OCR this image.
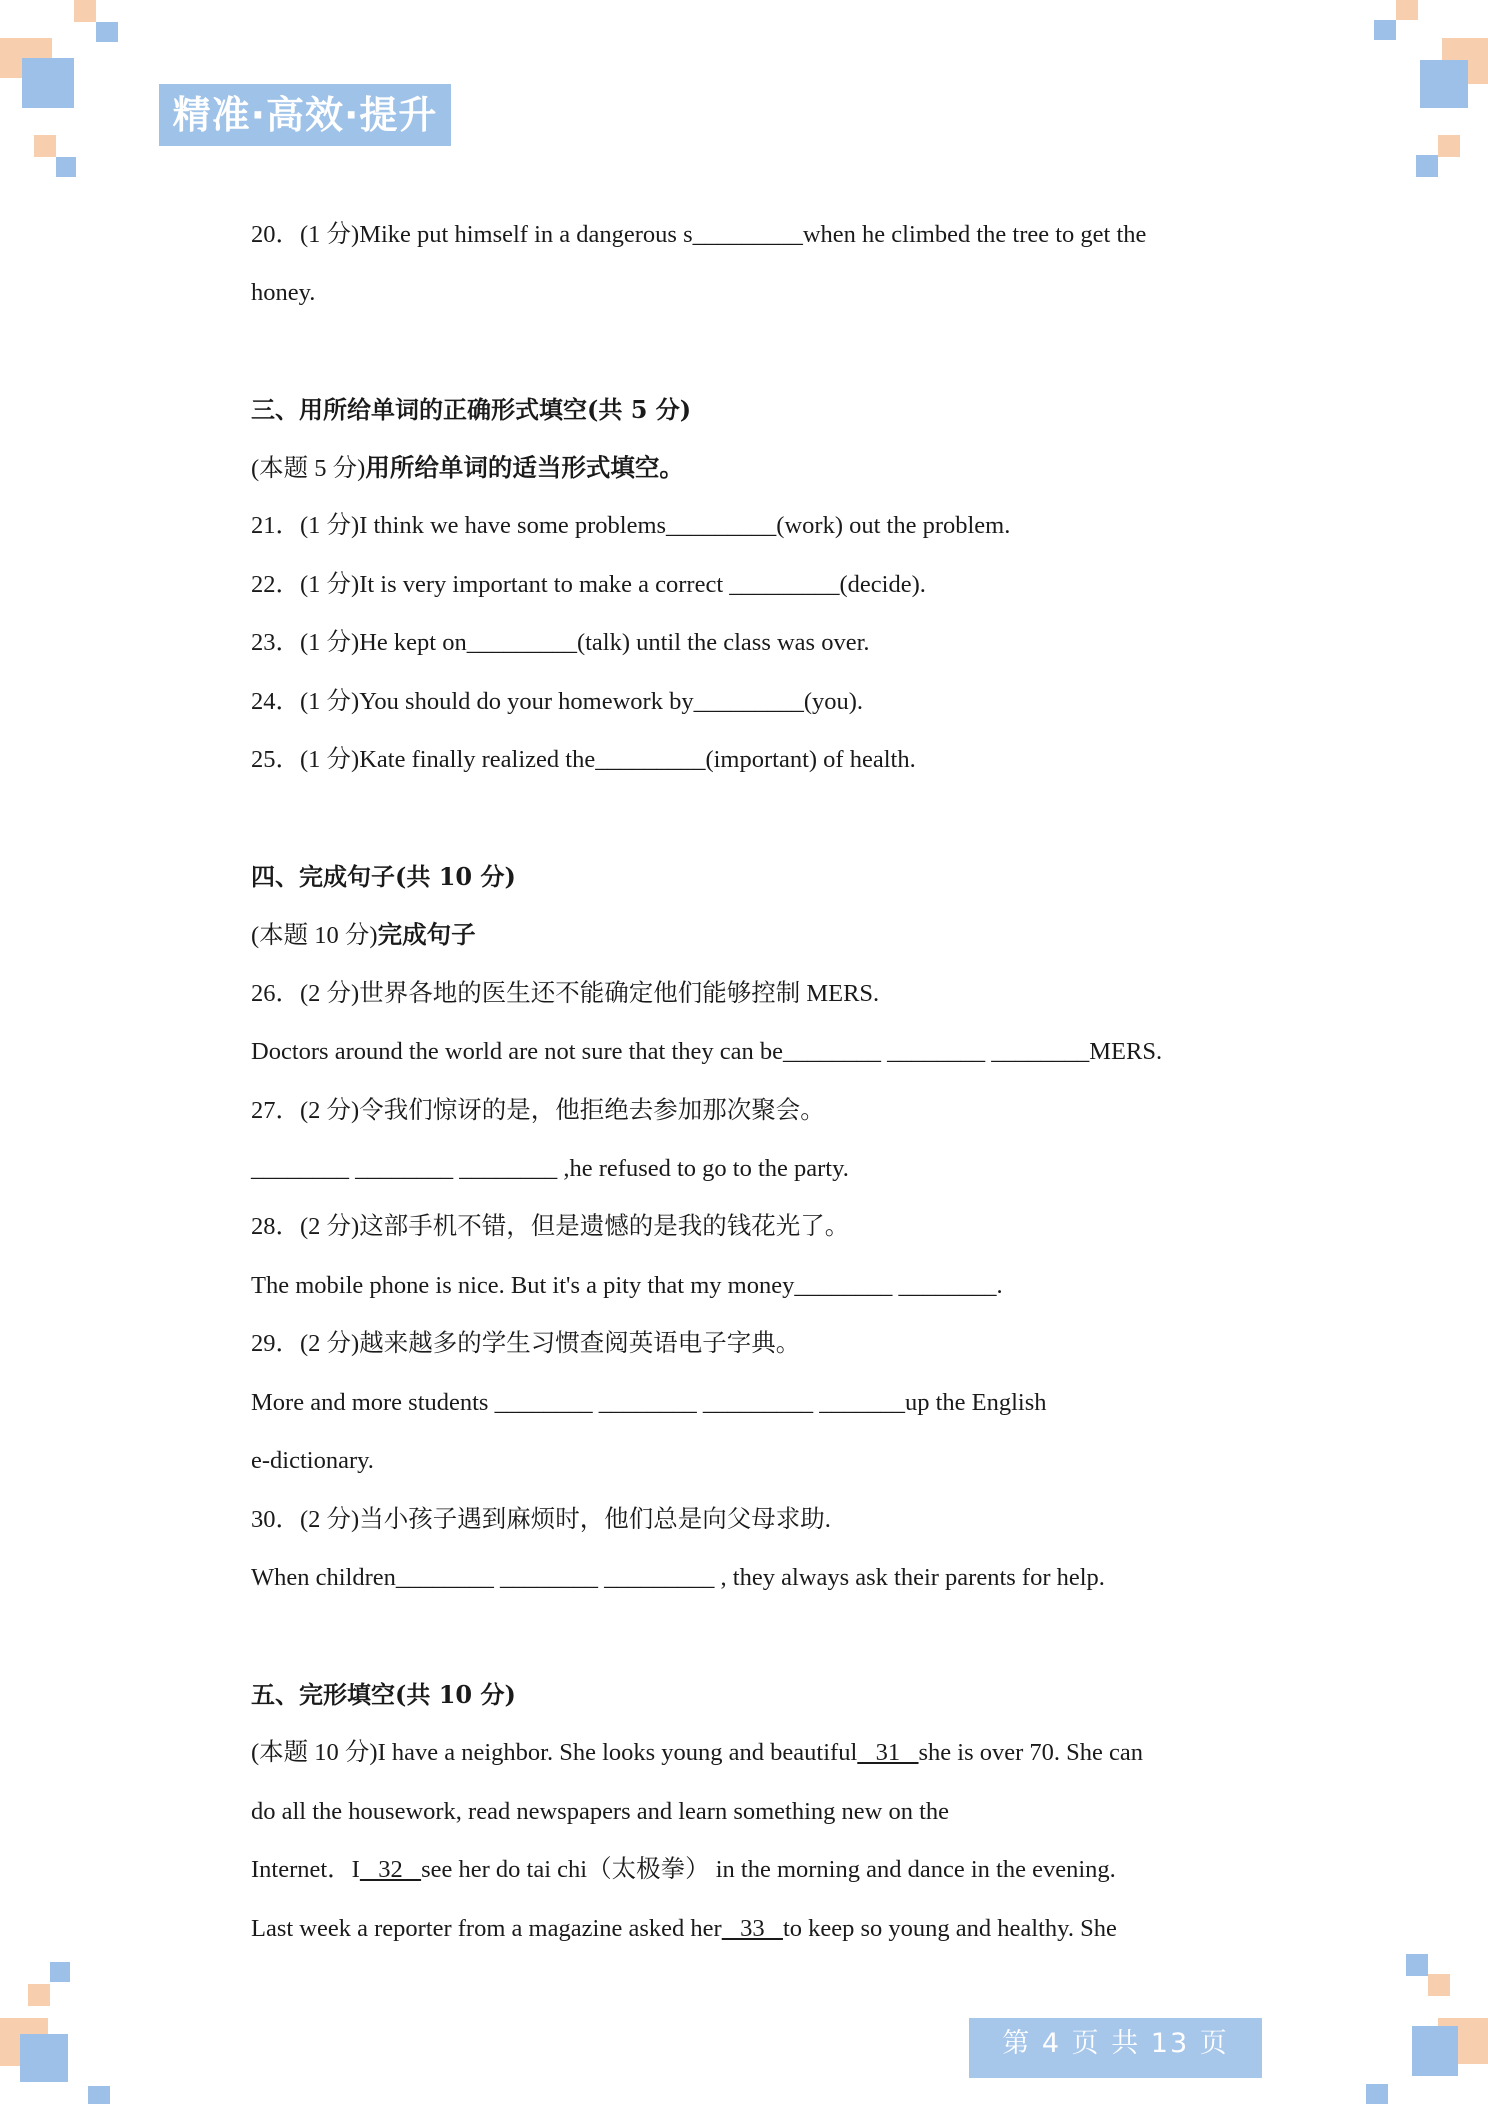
精准·高效·提升
20．(1 分)Mike put himself in a dangerous s_________when he climbed the tree to get the
honey.
三、用所给单词的正确形式填空(共 5 分)
(本题 5 分)用所给单词的适当形式填空。
21．(1 分)I think we have some problems_________(work) out the problem.
22．(1 分)It is very important to make a correct _________(decide).
23．(1 分)He kept on_________(talk) until the class was over.
24．(1 分)You should do your homework by_________(you).
25．(1 分)Kate finally realized the_________(important) of health.
四、完成句子(共 10 分)
(本题 10 分)完成句子
26．(2 分)世界各地的医生还不能确定他们能够控制 MERS.
Doctors around the world are not sure that they can be________ ________ ________MERS.
27．(2 分)令我们惊讶的是，他拒绝去参加那次聚会。
________ ________ ________ ,he refused to go to the party.
28．(2 分)这部手机不错，但是遗憾的是我的钱花光了。
The mobile phone is nice. But it's a pity that my money________ ________.
29．(2 分)越来越多的学生习惯查阅英语电子字典。
More and more students ________ ________ _________ _______up the English
e-dictionary.
30．(2 分)当小孩子遇到麻烦时，他们总是向父母求助.
When children________ ________ _________ , they always ask their parents for help.
五、完形填空(共 10 分)
(本题 10 分)I have a neighbor. She looks young and beautiful   31   she is over 70. She can
do all the housework, read newspapers and learn something new on the
Internet．I   32   see her do tai chi（太极拳） in the morning and dance in the evening.
Last week a reporter from a magazine asked her   33   to keep so young and healthy. She
第 4 页 共 13 页
